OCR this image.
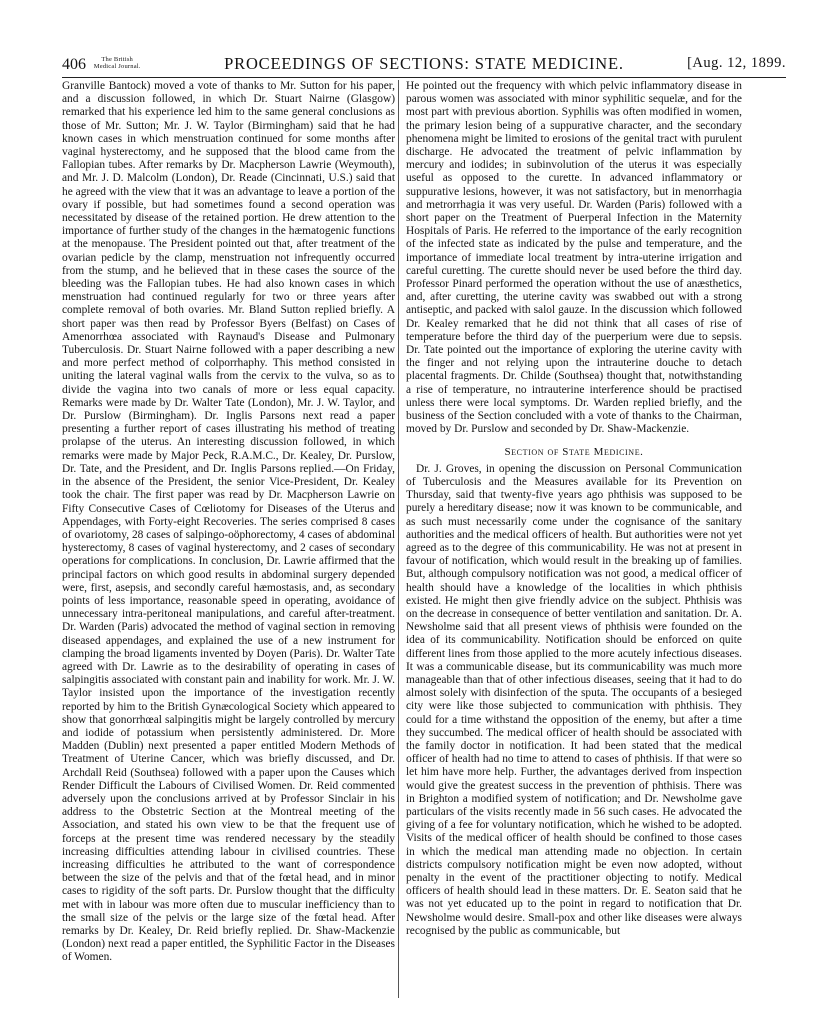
406 The British
Medical Journal.	PROCEEDINGS OF SECTIONS: STATE MEDICINE.	[Aug. 12, 1899.

Granville Bantock) moved a vote of thanks to Mr. Sutton for his paper, and a discussion followed, in which Dr. Stuart Nairne (Glasgow) remarked that his experience led him to the same general conclusions as those of Mr. Sutton; Mr. J. W. Taylor (Birmingham) said that he had known cases in which menstruation continued for some months after vaginal hysterectomy, and he supposed that the blood came from the Fallopian tubes. After remarks by Dr. Macpherson Lawrie (Weymouth), and Mr. J. D. Malcolm (London), Dr. Reade (Cincinnati, U.S.) said that he agreed with the view that it was an advantage to leave a portion of the ovary if possible, but had sometimes found a second operation was necessitated by disease of the retained portion. He drew attention to the importance of further study of the changes in the hæmatogenic functions at the menopause. The President pointed out that, after treatment of the ovarian pedicle by the clamp, menstruation not infrequently occurred from the stump, and he believed that in these cases the source of the bleeding was the Fallopian tubes. He had also known cases in which menstruation had continued regularly for two or three years after complete removal of both ovaries. Mr. Bland Sutton replied briefly. A short paper was then read by Professor Byers (Belfast) on Cases of Amenorrhœa associated with Raynaud's Disease and Pulmonary Tuberculosis. Dr. Stuart Nairne followed with a paper describing a new and more perfect method of colporrhaphy. This method consisted in uniting the lateral vaginal walls from the cervix to the vulva, so as to divide the vagina into two canals of more or less equal capacity. Remarks were made by Dr. Walter Tate (London), Mr. J. W. Taylor, and Dr. Purslow (Birmingham). Dr. Inglis Parsons next read a paper presenting a further report of cases illustrating his method of treating prolapse of the uterus. An interesting discussion followed, in which remarks were made by Major Peck, R.A.M.C., Dr. Kealey, Dr. Purslow, Dr. Tate, and the President, and Dr. Inglis Parsons replied.—On Friday, in the absence of the President, the senior Vice-President, Dr. Kealey took the chair. The first paper was read by Dr. Macpherson Lawrie on Fifty Consecutive Cases of Cœliotomy for Diseases of the Uterus and Appendages, with Forty-eight Recoveries. The series comprised 8 cases of ovariotomy, 28 cases of salpingo-oöphorectomy, 4 cases of abdominal hysterectomy, 8 cases of vaginal hysterectomy, and 2 cases of secondary operations for complications. In conclusion, Dr. Lawrie affirmed that the principal factors on which good results in abdominal surgery depended were, first, asepsis, and secondly careful hæmostasis, and, as secondary points of less importance, reasonable speed in operating, avoidance of unnecessary intra-peritoneal manipulations, and careful after-treatment. Dr. Warden (Paris) advocated the method of vaginal section in removing diseased appendages, and explained the use of a new instrument for clamping the broad ligaments invented by Doyen (Paris). Dr. Walter Tate agreed with Dr. Lawrie as to the desirability of operating in cases of salpingitis associated with constant pain and inability for work. Mr. J. W. Taylor insisted upon the importance of the investigation recently reported by him to the British Gynæcological Society which appeared to show that gonorrhœal salpingitis might be largely controlled by mercury and iodide of potassium when persistently administered. Dr. More Madden (Dublin) next presented a paper entitled Modern Methods of Treatment of Uterine Cancer, which was briefly discussed, and Dr. Archdall Reid (Southsea) followed with a paper upon the Causes which Render Difficult the Labours of Civilised Women. Dr. Reid commented adversely upon the conclusions arrived at by Professor Sinclair in his address to the Obstetric Section at the Montreal meeting of the Association, and stated his own view to be that the frequent use of forceps at the present time was rendered necessary by the steadily increasing difficulties attending labour in civilised countries. These increasing difficulties he attributed to the want of correspondence between the size of the pelvis and that of the fœtal head, and in minor cases to rigidity of the soft parts. Dr. Purslow thought that the difficulty met with in labour was more often due to muscular inefficiency than to the small size of the pelvis or the large size of the fœtal head. After remarks by Dr. Kealey, Dr. Reid briefly replied. Dr. Shaw-Mackenzie (London) next read a paper entitled, the Syphilitic Factor in the Diseases of Women.

He pointed out the frequency with which pelvic inflammatory disease in parous women was associated with minor syphilitic sequelæ, and for the most part with previous abortion. Syphilis was often modified in women, the primary lesion being of a suppurative character, and the secondary phenomena might be limited to erosions of the genital tract with purulent discharge. He advocated the treatment of pelvic inflammation by mercury and iodides; in subinvolution of the uterus it was especially useful as opposed to the curette. In advanced inflammatory or suppurative lesions, however, it was not satisfactory, but in menorrhagia and metrorrhagia it was very useful. Dr. Warden (Paris) followed with a short paper on the Treatment of Puerperal Infection in the Maternity Hospitals of Paris. He referred to the importance of the early recognition of the infected state as indicated by the pulse and temperature, and the importance of immediate local treatment by intra-uterine irrigation and careful curetting. The curette should never be used before the third day. Professor Pinard performed the operation without the use of anæsthetics, and, after curetting, the uterine cavity was swabbed out with a strong antiseptic, and packed with salol gauze. In the discussion which followed Dr. Kealey remarked that he did not think that all cases of rise of temperature before the third day of the puerperium were due to sepsis. Dr. Tate pointed out the importance of exploring the uterine cavity with the finger and not relying upon the intrauterine douche to detach placental fragments. Dr. Childe (Southsea) thought that, notwithstanding a rise of temperature, no intrauterine interference should be practised unless there were local symptoms. Dr. Warden replied briefly, and the business of the Section concluded with a vote of thanks to the Chairman, moved by Dr. Purslow and seconded by Dr. Shaw-Mackenzie.

Section of State Medicine.

Dr. J. Groves, in opening the discussion on Personal Communication of Tuberculosis and the Measures available for its Prevention on Thursday, said that twenty-five years ago phthisis was supposed to be purely a hereditary disease; now it was known to be communicable, and as such must necessarily come under the cognisance of the sanitary authorities and the medical officers of health. But authorities were not yet agreed as to the degree of this communicability. He was not at present in favour of notification, which would result in the breaking up of families. But, although compulsory notification was not good, a medical officer of health should have a knowledge of the localities in which phthisis existed. He might then give friendly advice on the subject. Phthisis was on the decrease in consequence of better ventilation and sanitation. Dr. A. Newsholme said that all present views of phthisis were founded on the idea of its communicability. Notification should be enforced on quite different lines from those applied to the more acutely infectious diseases. It was a communicable disease, but its communicability was much more manageable than that of other infectious diseases, seeing that it had to do almost solely with disinfection of the sputa. The occupants of a besieged city were like those subjected to communication with phthisis. They could for a time withstand the opposition of the enemy, but after a time they succumbed. The medical officer of health should be associated with the family doctor in notification. It had been stated that the medical officer of health had no time to attend to cases of phthisis. If that were so let him have more help. Further, the advantages derived from inspection would give the greatest success in the prevention of phthisis. There was in Brighton a modified system of notification; and Dr. Newsholme gave particulars of the visits recently made in 56 such cases. He advocated the giving of a fee for voluntary notification, which he wished to be adopted. Visits of the medical officer of health should be confined to those cases in which the medical man attending made no objection. In certain districts compulsory notification might be even now adopted, without penalty in the event of the practitioner objecting to notify. Medical officers of health should lead in these matters. Dr. E. Seaton said that he was not yet educated up to the point in regard to notification that Dr. Newsholme would desire. Small-pox and other like diseases were always recognised by the public as communicable, but
